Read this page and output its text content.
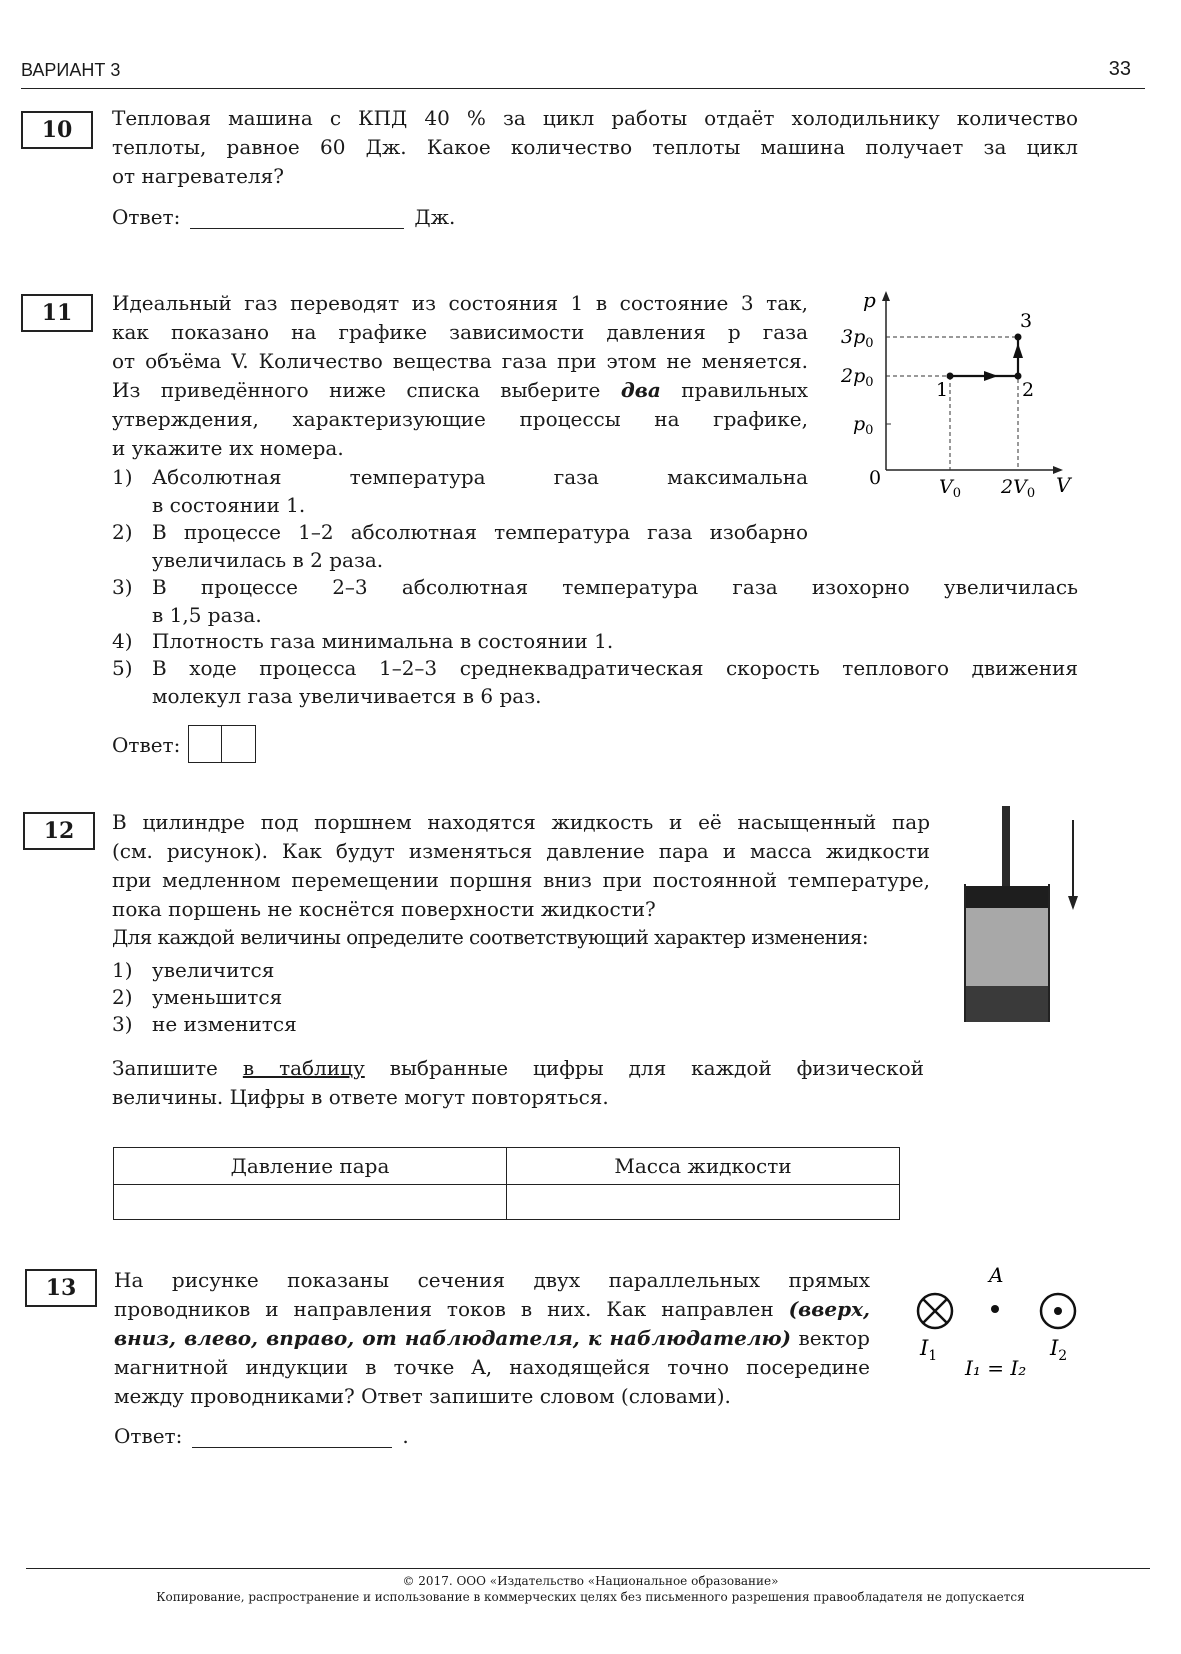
ВАРИАНТ 3	33
10	Тепловая машина с КПД 40 % за цикл работы отдаёт холодильнику количество
теплоты, равное 60 Дж. Какое количество теплоты машина получает за цикл
от нагревателя?
Ответ:	Дж.
11	Идеальный газ переводят из состояния 1 в состояние 3 так,
как показано на графике зависимости давления p газа
от объёма V. Количество вещества газа при этом не меняется.
Из приведённого ниже списка выберите два правильных
утверждения, характеризующие процессы на графике,
и укажите их номера.
p
V
0
$3p_0$
$2p_0$
$p_0$
$V_0$ $2V_0$
1	2
3
1) Абсолютная температура газа максимальна
в состоянии 1.
2) В процессе 1–2 абсолютная температура газа изобарно
увеличилась в 2 раза.
3) В процессе 2–3 абсолютная температура газа изохорно увеличилась
в 1,5 раза.
4) Плотность газа минимальна в состоянии 1.
5) В ходе процесса 1–2–3 среднеквадратическая скорость теплового движения
молекул газа увеличивается в 6 раз.
Ответ:
12	В цилиндре под поршнем находятся жидкость и её насыщенный пар
(см. рисунок). Как будут изменяться давление пара и масса жидкости
при медленном перемещении поршня вниз при постоянной температуре,
пока поршень не коснётся поверхности жидкости?
Для каждой величины определите соответствующий характер изменения:
1) увеличится
2) уменьшится
3) не изменится
Запишите в таблицу выбранные цифры для каждой физической
величины. Цифры в ответе могут повторяться.
Давление пара	Масса жидкости

13	На рисунке показаны сечения двух параллельных прямых
проводников и направления токов в них. Как направлен (вверх,
вниз, влево, вправо, от наблюдателя, к наблюдателю) вектор
магнитной индукции в точке A, находящейся точно посередине
между проводниками? Ответ запишите словом (словами).
Ответ:	.
A
$I_1$	$I_2$
I₁ = I₂
© 2017. ООО «Издательство «Национальное образование»
Копирование, распространение и использование в коммерческих целях без письменного разрешения правообладателя не допускается
